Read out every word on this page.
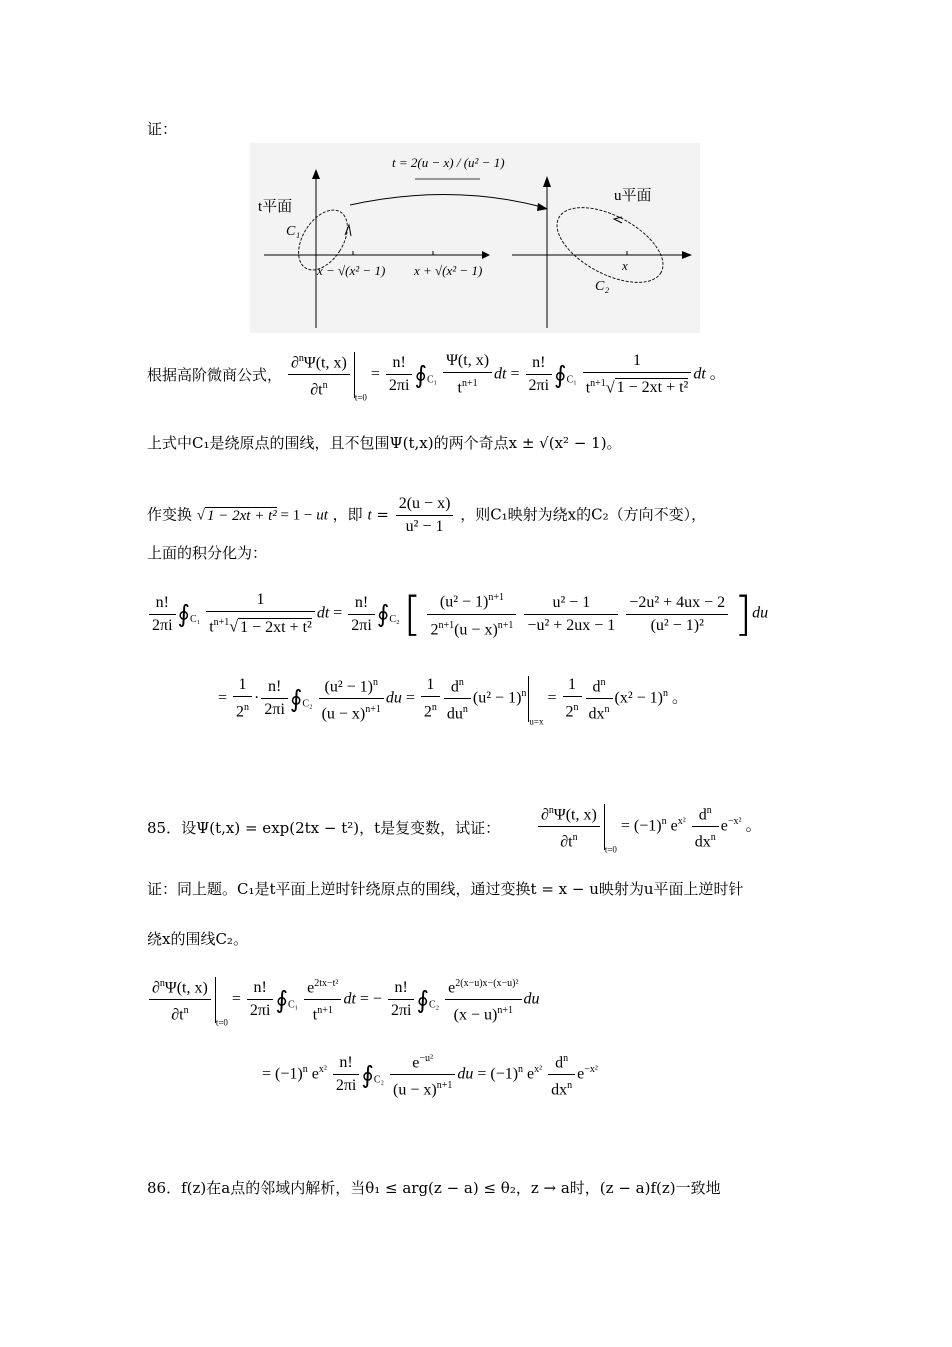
证：
t = 2(u − x) / (u² − 1)
t平面
u平面
C₁
C₂
x − √(x² − 1) x + √(x² − 1)	x
根据高阶微商公式， $\frac{\partial^n\Psi(t, x)}{\partial t^n} _{t=0} = \frac{n!}{2\pi i}$ $∮_{C_1} \frac{\Psi(t, x)}{t^{n+1}}$ dt = $\frac{n!}{2\pi i}$ $∮_{C_1} \frac{1}{t^{n+1}√ 1 - 2xt + t^2}$ dt 。
上式中C₁是绕原点的围线，且不包围Ψ(t,x)的两个奇点x ± √(x² − 1)。
作变换 √ 1 − 2xt + t² = 1 − ut ，即 $t = \frac{2(u - x)}{\text{u² − 1}}$ ，则C₁映射为绕x的C₂（方向不变），
上面的积分化为：
$\frac{n!}{2\pi i}$ $∮_{C_1} \frac{1}{t^{n+1}√ 1 - 2xt + t^2}$ dt = $\frac{n!}{2\pi i}$ $∮_{C_2}$ [ $\frac{(u^2 - 1)^{n+1}}{2^{n+1}(u - x)^{n+1}}$
$\frac{\text{u² − 1}}{\text{−u² + 2ux − 1}}$
$\frac{\text{−2u² + 4ux − 2}}{\text{(u² − 1)²}} ]du$
= $\frac{1}{2^n} \cdot \frac{n!}{2\pi i}$ $∮_{C_2} \frac{(u^2 - 1)^n}{(u - x)^{n+1}}$ du = $\frac{1}{2^n} \frac{d^n}{du^n} (u^2 - 1)^n_{u=x} = \frac{1}{2^n} \frac{d^n}{dx^n} (x^2 - 1)^n$ 。
85．设Ψ(t,x) = exp(2tx − t²)，t是复变数，试证： $\frac{\partial^n\Psi(t, x)}{\partial t^n} _{t=0} = (-1)^n$ $e^{x^2} \frac{d^n}{dx^n} e^{-x^2}$ 。
证：同上题。C₁是t平面上逆时针绕原点的围线，通过变换t = x − u映射为u平面上逆时针
绕x的围线C₂。
$\frac{\partial^n\Psi(t, x)}{\partial t^n} _{t=0} = \frac{n!}{2\pi i}$ $∮_{C_1} \frac{e^{2tx-t^2}}{t^{n+1}}$ dt = − $\frac{n!}{2\pi i}$ $∮_{C_2} \frac{e^{2(x-u)x-(x-u)^2}}{(x - u)^{n+1}}$ du
= $(-1)^n$ $e^{x^2} \frac{n!}{2\pi i}$ $∮_{C_2} \frac{e^{-u^2}}{(u - x)^{n+1}}$ du = $(-1)^n$ $e^{x^2} \frac{d^n}{dx^n} e^{-x^2}$
86．f(z)在a点的邻域内解析，当θ₁ ≤ arg(z − a) ≤ θ₂，z → a时，(z − a)f(z)一致地
